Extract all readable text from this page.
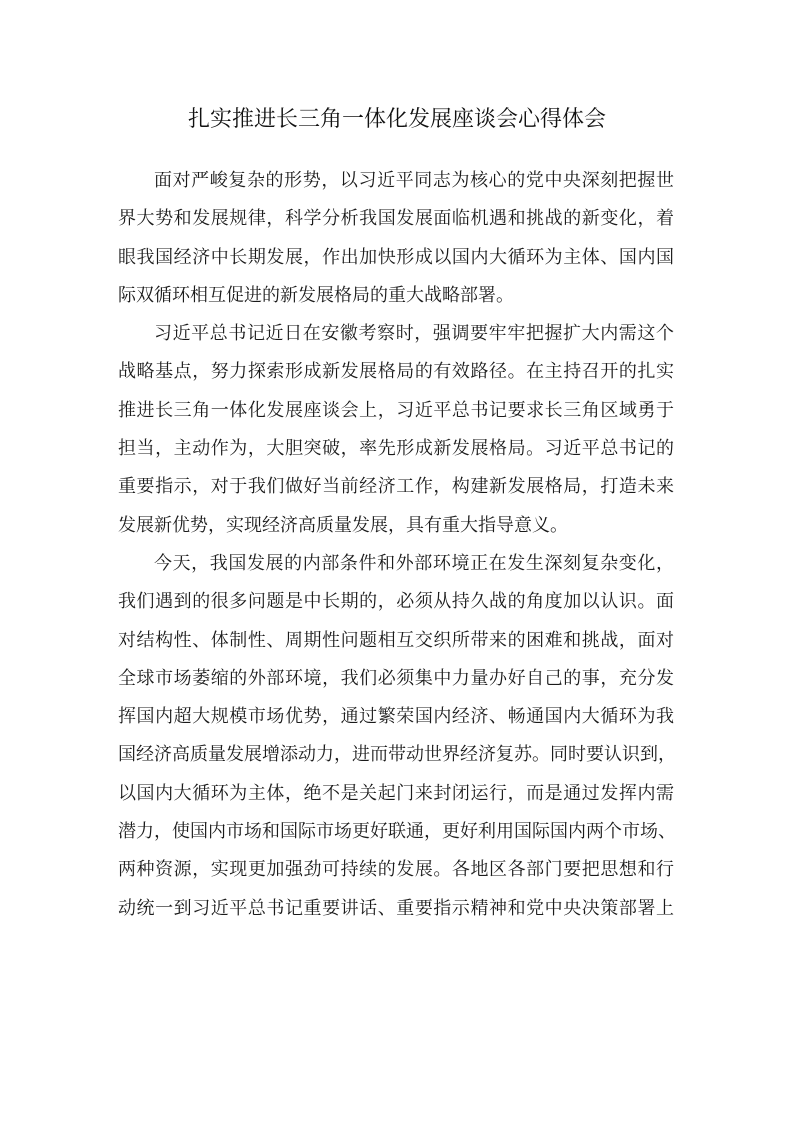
扎实推进长三角一体化发展座谈会心得体会
面对严峻复杂的形势，以习近平同志为核心的党中央深刻把握世
界大势和发展规律，科学分析我国发展面临机遇和挑战的新变化，着
眼我国经济中长期发展，作出加快形成以国内大循环为主体、国内国
际双循环相互促进的新发展格局的重大战略部署。
习近平总书记近日在安徽考察时，强调要牢牢把握扩大内需这个
战略基点，努力探索形成新发展格局的有效路径。在主持召开的扎实
推进长三角一体化发展座谈会上，习近平总书记要求长三角区域勇于
担当，主动作为，大胆突破，率先形成新发展格局。习近平总书记的
重要指示，对于我们做好当前经济工作，构建新发展格局，打造未来
发展新优势，实现经济高质量发展，具有重大指导意义。
今天，我国发展的内部条件和外部环境正在发生深刻复杂变化，
我们遇到的很多问题是中长期的，必须从持久战的角度加以认识。面
对结构性、体制性、周期性问题相互交织所带来的困难和挑战，面对
全球市场萎缩的外部环境，我们必须集中力量办好自己的事，充分发
挥国内超大规模市场优势，通过繁荣国内经济、畅通国内大循环为我
国经济高质量发展增添动力，进而带动世界经济复苏。同时要认识到，
以国内大循环为主体，绝不是关起门来封闭运行，而是通过发挥内需
潜力，使国内市场和国际市场更好联通，更好利用国际国内两个市场、
两种资源，实现更加强劲可持续的发展。各地区各部门要把思想和行
动统一到习近平总书记重要讲话、重要指示精神和党中央决策部署上
